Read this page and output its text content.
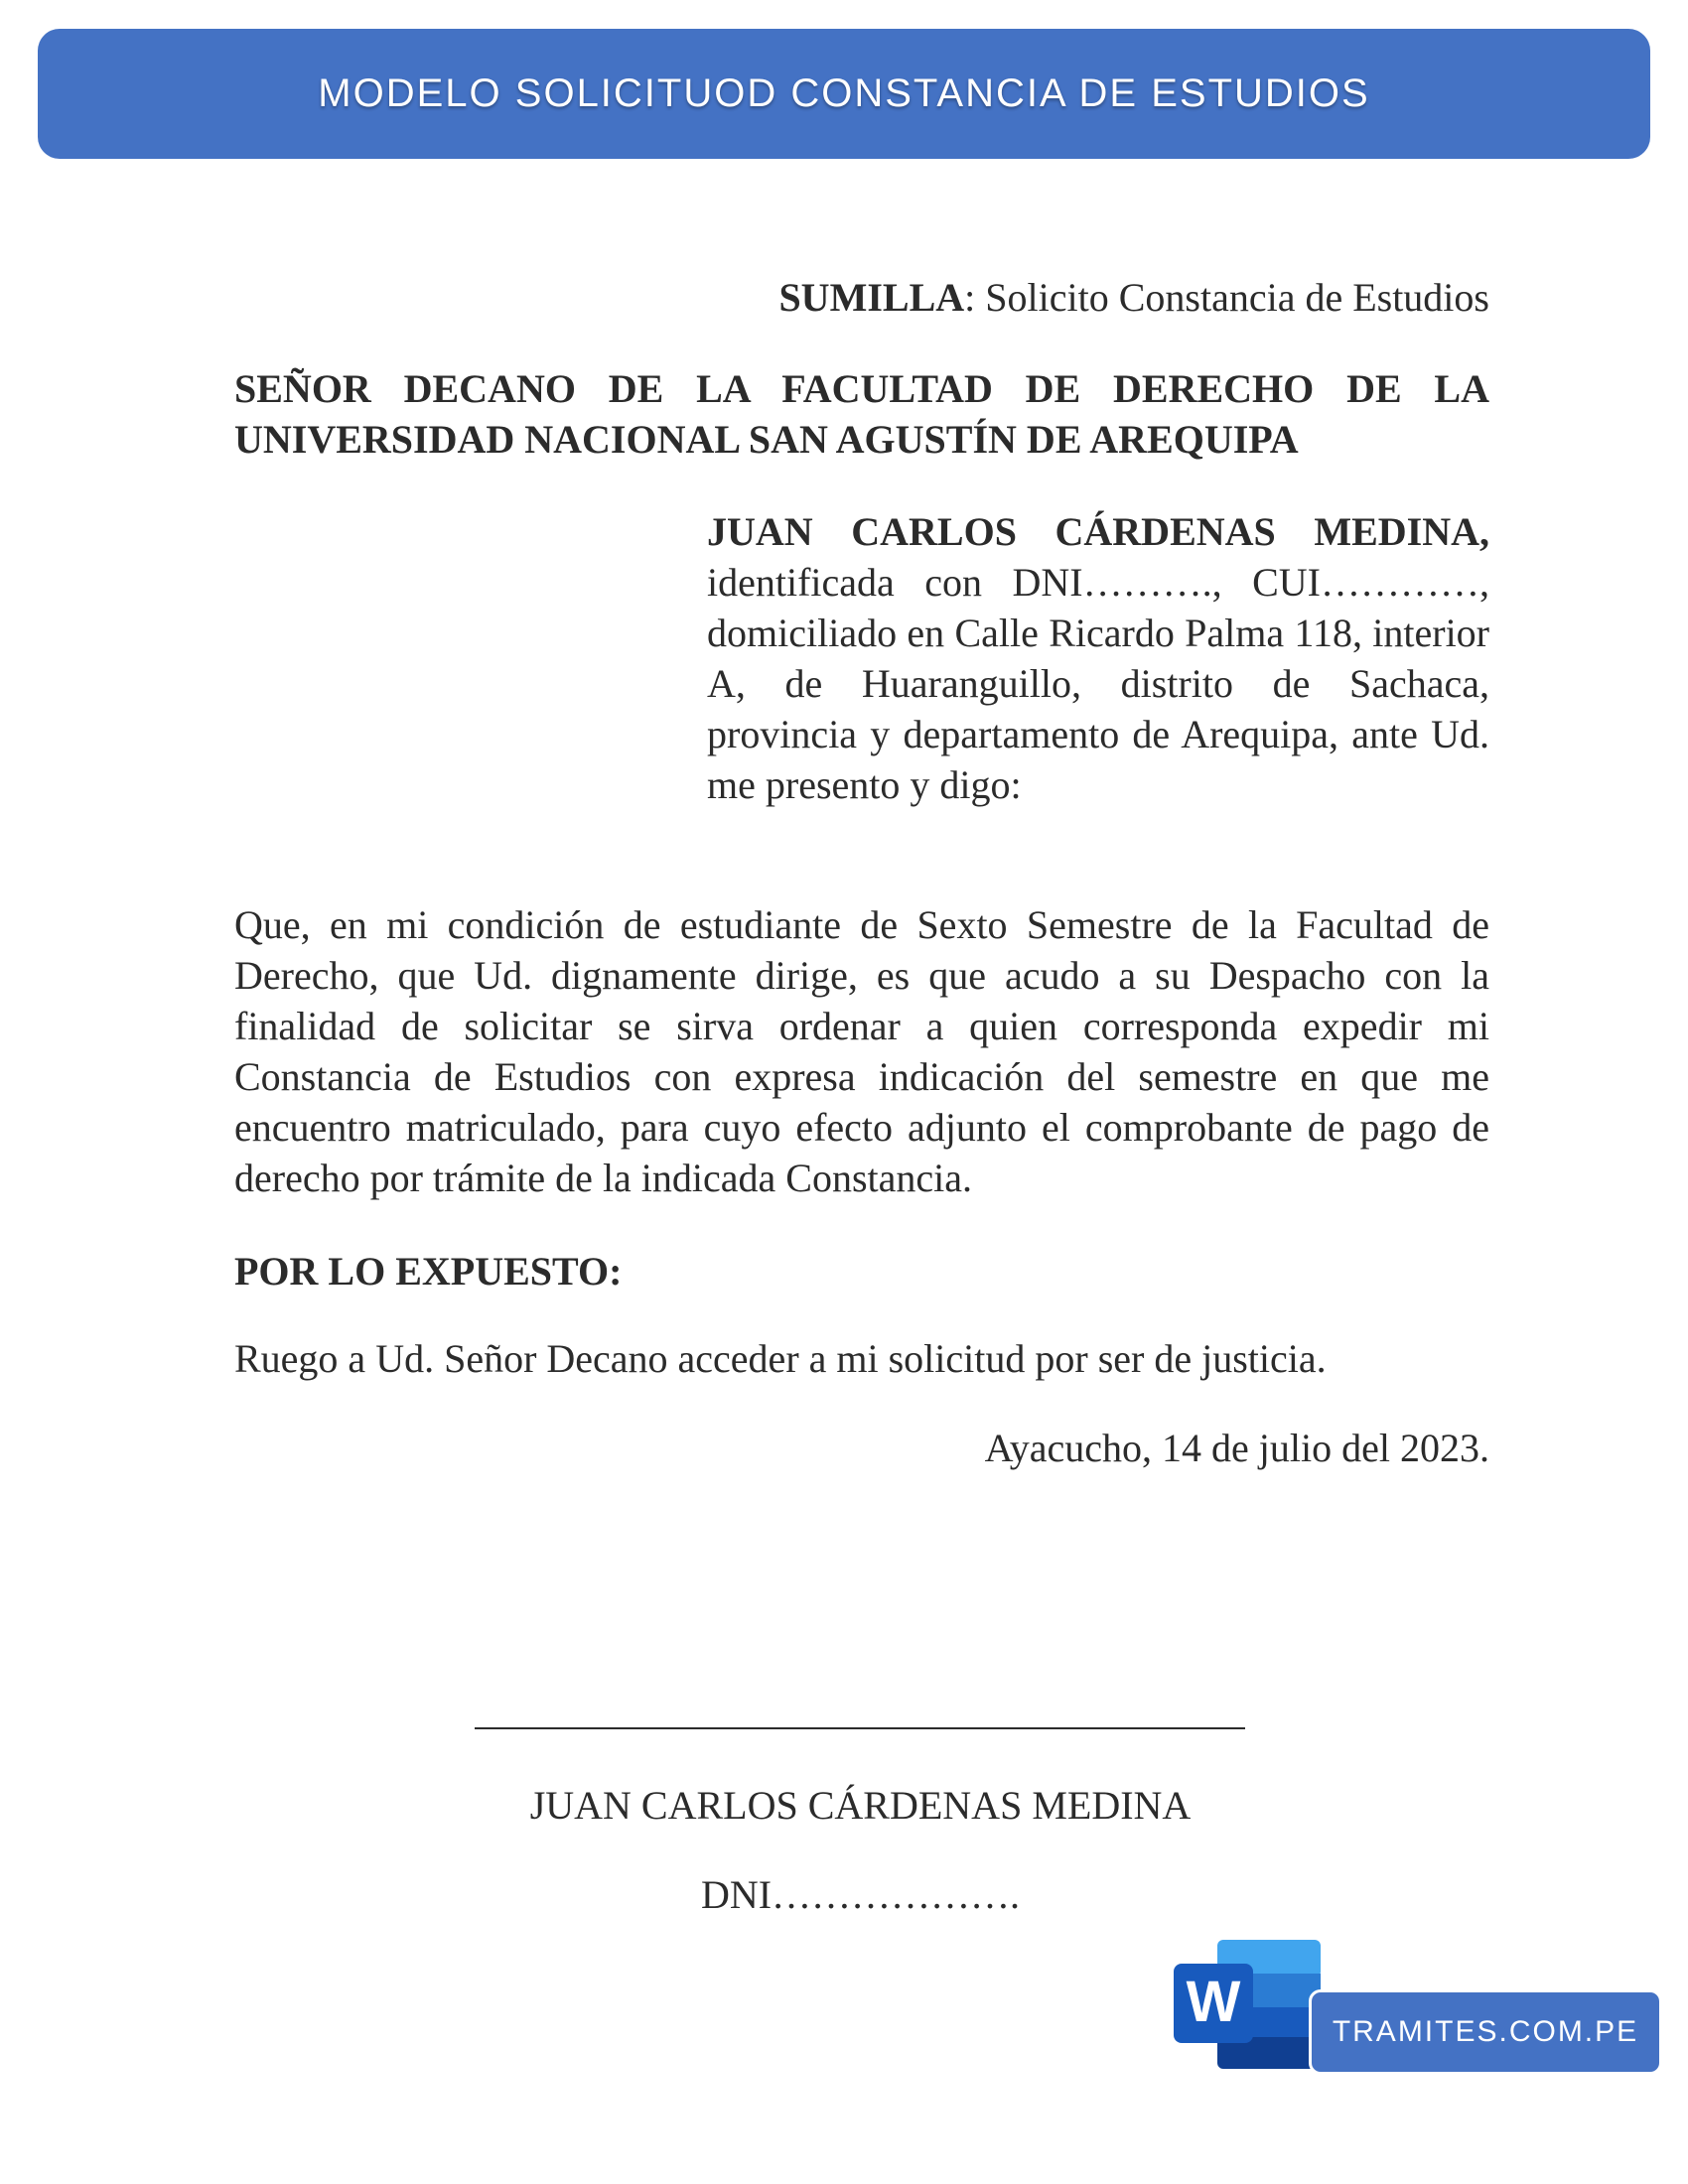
MODELO SOLICITUOD CONSTANCIA DE ESTUDIOS
SUMILLA: Solicito Constancia de Estudios
SEÑOR DECANO DE LA FACULTAD DE DERECHO DE LA
UNIVERSIDAD NACIONAL SAN AGUSTÍN DE AREQUIPA
JUAN CARLOS CÁRDENAS MEDINA, identificada con DNI………., CUI…………, domiciliado en Calle Ricardo Palma 118, interior A, de Huaranguillo, distrito de Sachaca, provincia y departamento de Arequipa, ante Ud. me presento y digo:
Que, en mi condición de estudiante de Sexto Semestre de la Facultad de Derecho, que Ud. dignamente dirige, es que acudo a su Despacho con la finalidad de solicitar se sirva ordenar a quien corresponda expedir mi Constancia de Estudios con expresa indicación del semestre en que me encuentro matriculado, para cuyo efecto adjunto el comprobante de pago de derecho por trámite de la indicada Constancia.
POR LO EXPUESTO:
Ruego a Ud. Señor Decano acceder a mi solicitud por ser de justicia.
Ayacucho, 14 de julio del 2023.
JUAN CARLOS CÁRDENAS MEDINA
DNI……………….
W	TRAMITES.COM.PE
